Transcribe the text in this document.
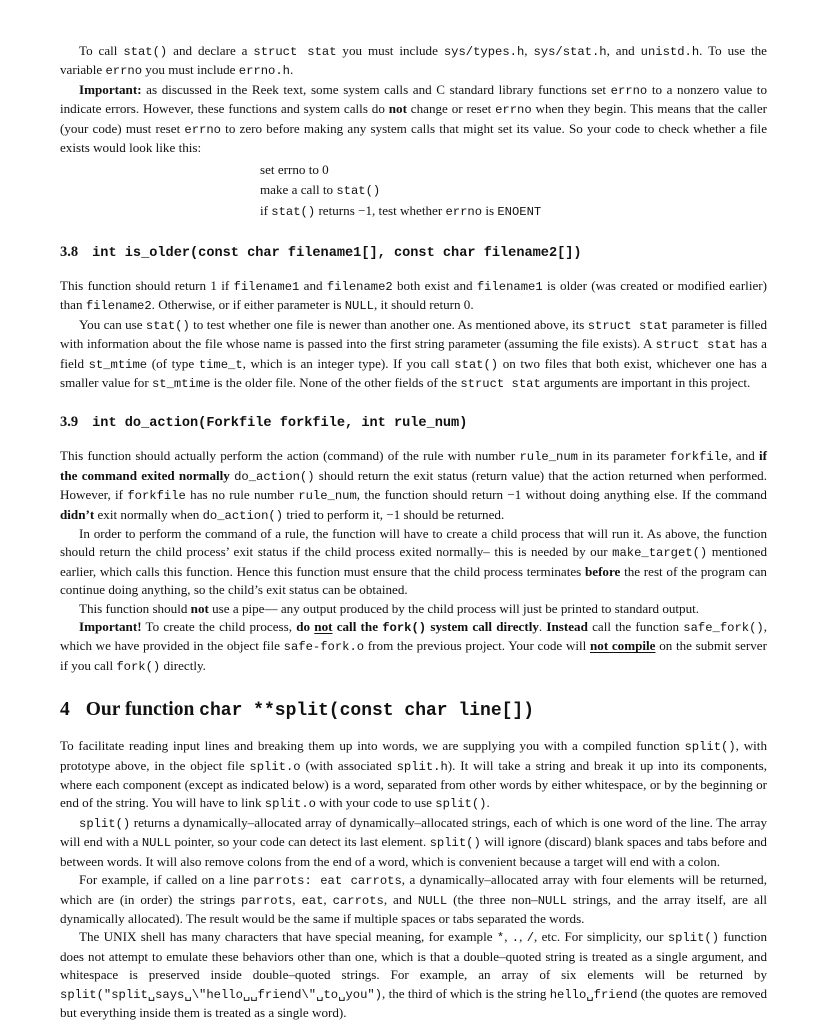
To call stat() and declare a struct stat you must include sys/types.h, sys/stat.h, and unistd.h. To use the variable errno you must include errno.h.

Important: as discussed in the Reek text, some system calls and C standard library functions set errno to a nonzero value to indicate errors. However, these functions and system calls do not change or reset errno when they begin. This means that the caller (your code) must reset errno to zero before making any system calls that might set its value. So your code to check whether a file exists would look like this:

set errno to 0
make a call to stat()
if stat() returns −1, test whether errno is ENOENT
3.8 int is_older(const char filename1[], const char filename2[])

This function should return 1 if filename1 and filename2 both exist and filename1 is older (was created or modified earlier) than filename2. Otherwise, or if either parameter is NULL, it should return 0.

You can use stat() to test whether one file is newer than another one. As mentioned above, its struct stat parameter is filled with information about the file whose name is passed into the first string parameter (assuming the file exists). A struct stat has a field st_mtime (of type time_t, which is an integer type). If you call stat() on two files that both exist, whichever one has a smaller value for st_mtime is the older file. None of the other fields of the struct stat arguments are important in this project.

3.9 int do_action(Forkfile forkfile, int rule_num)

This function should actually perform the action (command) of the rule with number rule_num in its parameter forkfile, and if the command exited normally do_action() should return the exit status (return value) that the action returned when performed. However, if forkfile has no rule number rule_num, the function should return −1 without doing anything else. If the command didn’t exit normally when do_action() tried to perform it, −1 should be returned.

In order to perform the command of a rule, the function will have to create a child process that will run it. As above, the function should return the child process’ exit status if the child process exited normally– this is needed by our make_target() mentioned earlier, which calls this function. Hence this function must ensure that the child process terminates before the rest of the program can continue doing anything, so the child’s exit status can be obtained.

This function should not use a pipe— any output produced by the child process will just be printed to standard output.

Important! To create the child process, do not call the fork() system call directly. Instead call the function safe_fork(), which we have provided in the object file safe-fork.o from the previous project. Your code will not compile on the submit server if you call fork() directly.

4 Our function char **split(const char line[])

To facilitate reading input lines and breaking them up into words, we are supplying you with a compiled function split(), with prototype above, in the object file split.o (with associated split.h). It will take a string and break it up into its components, where each component (except as indicated below) is a word, separated from other words by either whitespace, or by the beginning or end of the string. You will have to link split.o with your code to use split().

split() returns a dynamically–allocated array of dynamically–allocated strings, each of which is one word of the line. The array will end with a NULL pointer, so your code can detect its last element. split() will ignore (discard) blank spaces and tabs before and between words. It will also remove colons from the end of a word, which is convenient because a target will end with a colon.

For example, if called on a line parrots: eat carrots, a dynamically–allocated array with four elements will be returned, which are (in order) the strings parrots, eat, carrots, and NULL (the three non–NULL strings, and the array itself, are all dynamically allocated). The result would be the same if multiple spaces or tabs separated the words.

The UNIX shell has many characters that have special meaning, for example *, ., /, etc. For simplicity, our split() function does not attempt to emulate these behaviors other than one, which is that a double–quoted string is treated as a single argument, and whitespace is preserved inside double–quoted strings. For example, an array of six elements will be returned by split("split␣says␣\"hello␣␣friend\"␣to␣you"), the third of which is the string hello␣friend (the quotes are removed but everything inside them is treated as a single word).
